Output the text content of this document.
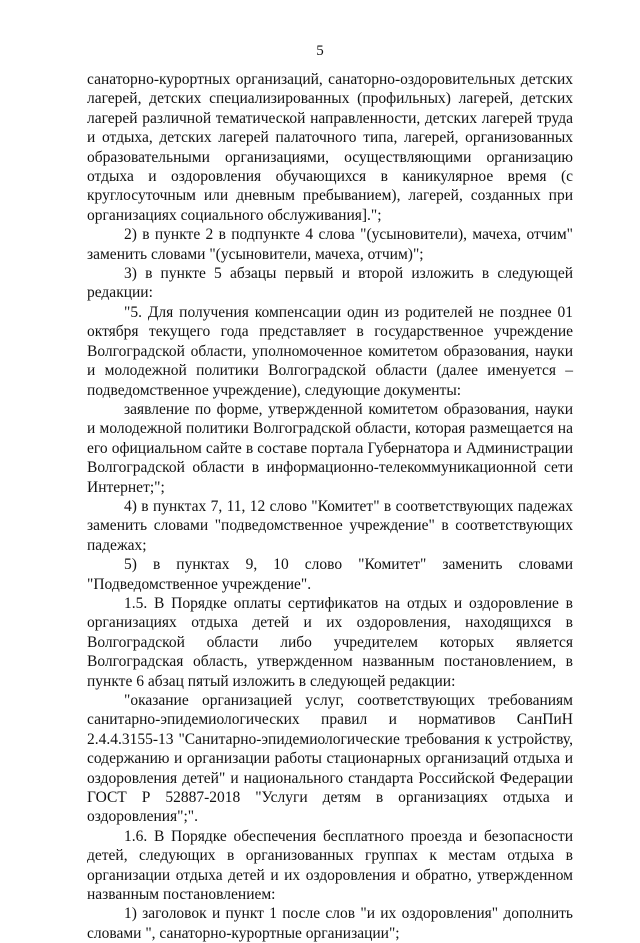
5

санаторно-курортных организаций, санаторно-оздоровительных детских лагерей, детских специализированных (профильных) лагерей, детских лагерей различной тематической направленности, детских лагерей труда и отдыха, детских лагерей палаточного типа, лагерей, организованных образовательными организациями, осуществляющими организацию отдыха и оздоровления обучающихся в каникулярное время (с круглосуточным или дневным пребыванием), лагерей, созданных при организациях социального обслуживания].";

2) в пункте 2 в подпункте 4 слова "(усыновители), мачеха, отчим" заменить словами "(усыновители, мачеха, отчим)";

3) в пункте 5 абзацы первый и второй изложить в следующей редакции:

"5. Для получения компенсации один из родителей не позднее 01 октября текущего года представляет в государственное учреждение Волгоградской области, уполномоченное комитетом образования, науки и молодежной политики Волгоградской области (далее именуется – подведомственное учреждение), следующие документы:

заявление по форме, утвержденной комитетом образования, науки и молодежной политики Волгоградской области, которая размещается на его официальном сайте в составе портала Губернатора и Администрации Волгоградской области в информационно-телекоммуникационной сети Интернет;";

4) в пунктах 7, 11, 12 слово "Комитет" в соответствующих падежах заменить словами "подведомственное учреждение" в соответствующих падежах;

5) в пунктах 9, 10 слово "Комитет" заменить словами "Подведомственное учреждение".

1.5. В Порядке оплаты сертификатов на отдых и оздоровление в организациях отдыха детей и их оздоровления, находящихся в Волгоградской области либо учредителем которых является Волгоградская область, утвержденном названным постановлением, в пункте 6 абзац пятый изложить в следующей редакции:

"оказание организацией услуг, соответствующих требованиям санитарно-эпидемиологических правил и нормативов СанПиН 2.4.4.3155-13 "Санитарно-эпидемиологические требования к устройству, содержанию и организации работы стационарных организаций отдыха и оздоровления детей" и национального стандарта Российской Федерации ГОСТ Р 52887-2018 "Услуги детям в организациях отдыха и оздоровления";".

1.6. В Порядке обеспечения бесплатного проезда и безопасности детей, следующих в организованных группах к местам отдыха в организации отдыха детей и их оздоровления и обратно, утвержденном названным постановлением:

1) заголовок и пункт 1 после слов "и их оздоровления" дополнить словами ", санаторно-курортные организации";
